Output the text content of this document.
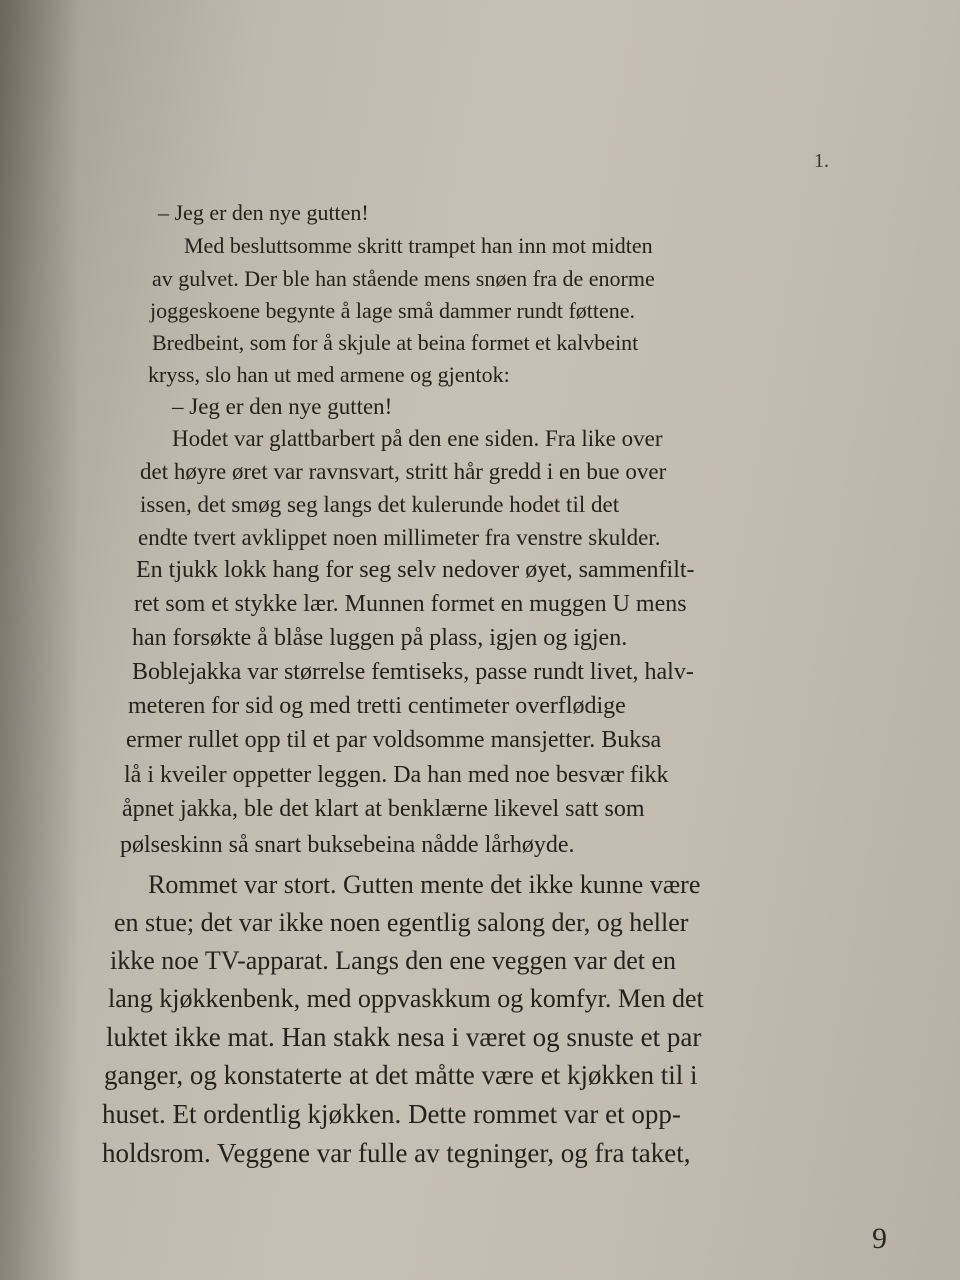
1.
– Jeg er den nye gutten!
Med besluttsomme skritt trampet han inn mot midten
av gulvet. Der ble han stående mens snøen fra de enorme
joggeskoene begynte å lage små dammer rundt føttene.
Bredbeint, som for å skjule at beina formet et kalvbeint
kryss, slo han ut med armene og gjentok:
– Jeg er den nye gutten!
Hodet var glattbarbert på den ene siden. Fra like over
det høyre øret var ravnsvart, stritt hår gredd i en bue over
issen, det smøg seg langs det kulerunde hodet til det
endte tvert avklippet noen millimeter fra venstre skulder.
En tjukk lokk hang for seg selv nedover øyet, sammenfilt-
ret som et stykke lær. Munnen formet en muggen U mens
han forsøkte å blåse luggen på plass, igjen og igjen.
Boblejakka var størrelse femtiseks, passe rundt livet, halv-
meteren for sid og med tretti centimeter overflødige
ermer rullet opp til et par voldsomme mansjetter. Buksa
lå i kveiler oppetter leggen. Da han med noe besvær fikk
åpnet jakka, ble det klart at benklærne likevel satt som
pølseskinn så snart buksebeina nådde lårhøyde.
Rommet var stort. Gutten mente det ikke kunne være
en stue; det var ikke noen egentlig salong der, og heller
ikke noe TV-apparat. Langs den ene veggen var det en
lang kjøkkenbenk, med oppvaskkum og komfyr. Men det
luktet ikke mat. Han stakk nesa i været og snuste et par
ganger, og konstaterte at det måtte være et kjøkken til i
huset. Et ordentlig kjøkken. Dette rommet var et opp-
holdsrom. Veggene var fulle av tegninger, og fra taket,
9
